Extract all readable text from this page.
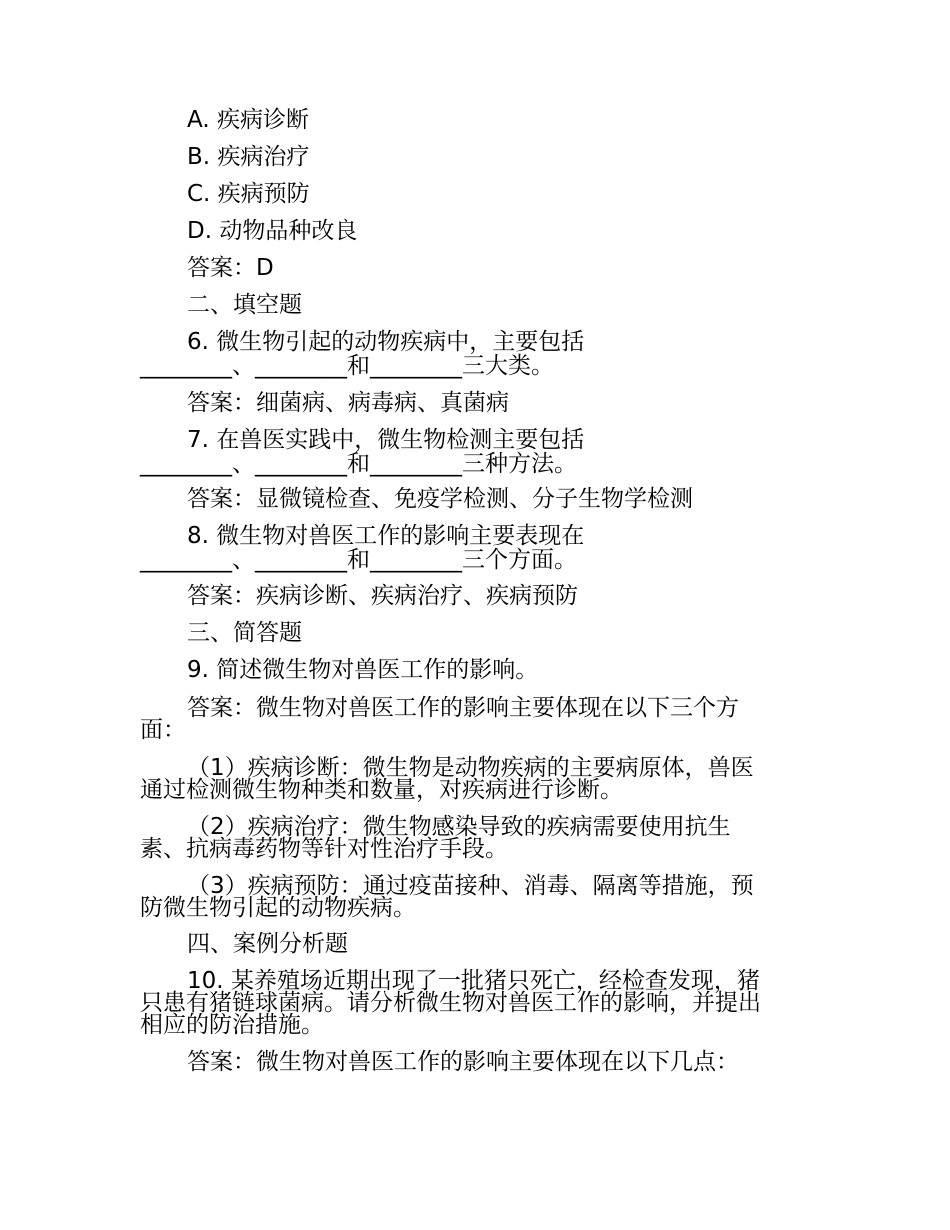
A. 疾病诊断

B. 疾病治疗

C. 疾病预防

D. 动物品种改良

答案：D

二、填空题

6. 微生物引起的动物疾病中，主要包括

________、________和________三大类。

答案：细菌病、病毒病、真菌病

7. 在兽医实践中，微生物检测主要包括

________、________和________三种方法。

答案：显微镜检查、免疫学检测、分子生物学检测

8. 微生物对兽医工作的影响主要表现在

________、________和________三个方面。

答案：疾病诊断、疾病治疗、疾病预防

三、简答题

9. 简述微生物对兽医工作的影响。

答案：微生物对兽医工作的影响主要体现在以下三个方

面：

（1）疾病诊断：微生物是动物疾病的主要病原体，兽医

通过检测微生物种类和数量，对疾病进行诊断。

（2）疾病治疗：微生物感染导致的疾病需要使用抗生

素、抗病毒药物等针对性治疗手段。

（3）疾病预防：通过疫苗接种、消毒、隔离等措施，预

防微生物引起的动物疾病。

四、案例分析题

10. 某养殖场近期出现了一批猪只死亡，经检查发现，猪

只患有猪链球菌病。请分析微生物对兽医工作的影响，并提出

相应的防治措施。

答案：微生物对兽医工作的影响主要体现在以下几点：
